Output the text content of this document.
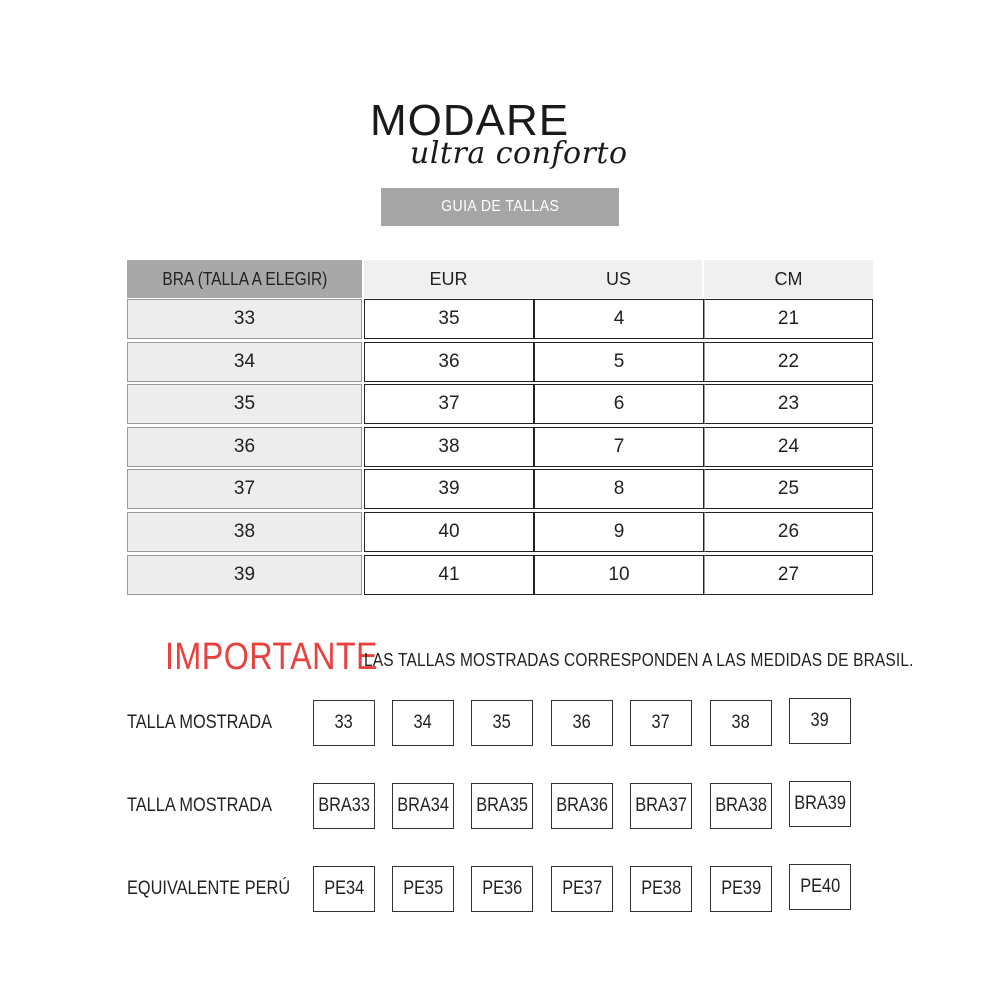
MODARE
ultra conforto
GUIA DE TALLAS
BRA (TALLA A ELEGIR)	EUR	US	CM
33	35	4	21
34	36	5	22
35	37	6	23
36	38	7	24
37	39	8	25
38	40	9	26
39	41	10	27
IMPORTANTE
LAS TALLAS MOSTRADAS CORRESPONDEN A LAS MEDIDAS DE BRASIL.
TALLA MOSTRADA	33	34	35	36	37	38	39
TALLA MOSTRADA BRA33 BRA34 BRA35 BRA36 BRA37 BRA38 BRA39
EQUIVALENTE PERÚ PE34 PE35 PE36 PE37 PE38 PE39 PE40
